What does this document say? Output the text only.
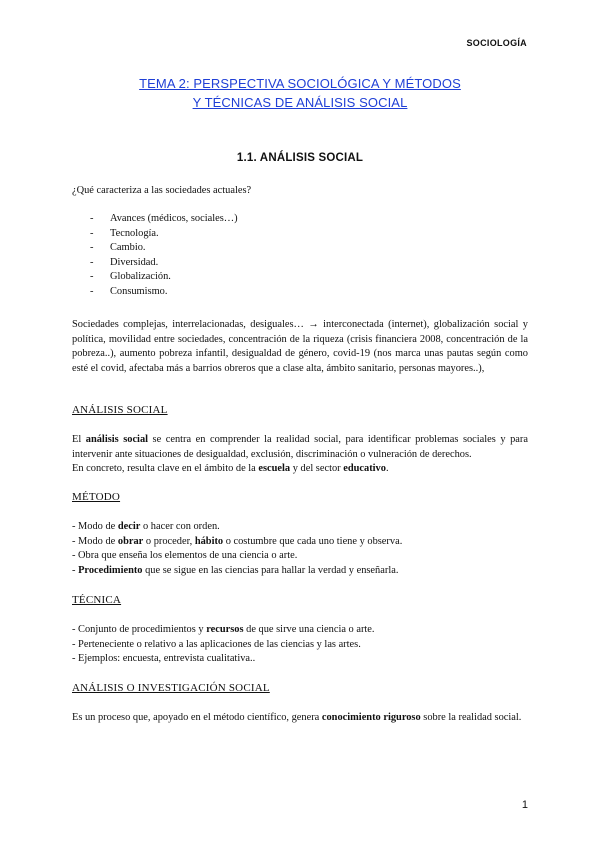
SOCIOLOGÍA
TEMA 2: PERSPECTIVA SOCIOLÓGICA Y MÉTODOS
Y TÉCNICAS DE ANÁLISIS SOCIAL
1.1. ANÁLISIS SOCIAL
¿Qué caracteriza a las sociedades actuales?
- Avances (médicos, sociales…)
- Tecnología.
- Cambio.
- Diversidad.
- Globalización.
- Consumismo.
Sociedades complejas, interrelacionadas, desiguales… → interconectada (internet), globalización social y política, movilidad entre sociedades, concentración de la riqueza (crisis financiera 2008, concentración de la pobreza..), aumento pobreza infantil, desigualdad de género, covid-19 (nos marca unas pautas según como esté el covid, afectaba más a barrios obreros que a clase alta, ámbito sanitario, personas mayores..),
ANÁLISIS SOCIAL
El análisis social se centra en comprender la realidad social, para identificar problemas sociales y para intervenir ante situaciones de desigualdad, exclusión, discriminación o vulneración de derechos.
En concreto, resulta clave en el ámbito de la escuela y del sector educativo.
MÉTODO
- Modo de decir o hacer con orden.
- Modo de obrar o proceder, hábito o costumbre que cada uno tiene y observa.
- Obra que enseña los elementos de una ciencia o arte.
- Procedimiento que se sigue en las ciencias para hallar la verdad y enseñarla.
TÉCNICA
- Conjunto de procedimientos y recursos de que sirve una ciencia o arte.
- Perteneciente o relativo a las aplicaciones de las ciencias y las artes.
- Ejemplos: encuesta, entrevista cualitativa..
ANÁLISIS O INVESTIGACIÓN SOCIAL
Es un proceso que, apoyado en el método científico, genera conocimiento riguroso sobre la realidad social.
1
